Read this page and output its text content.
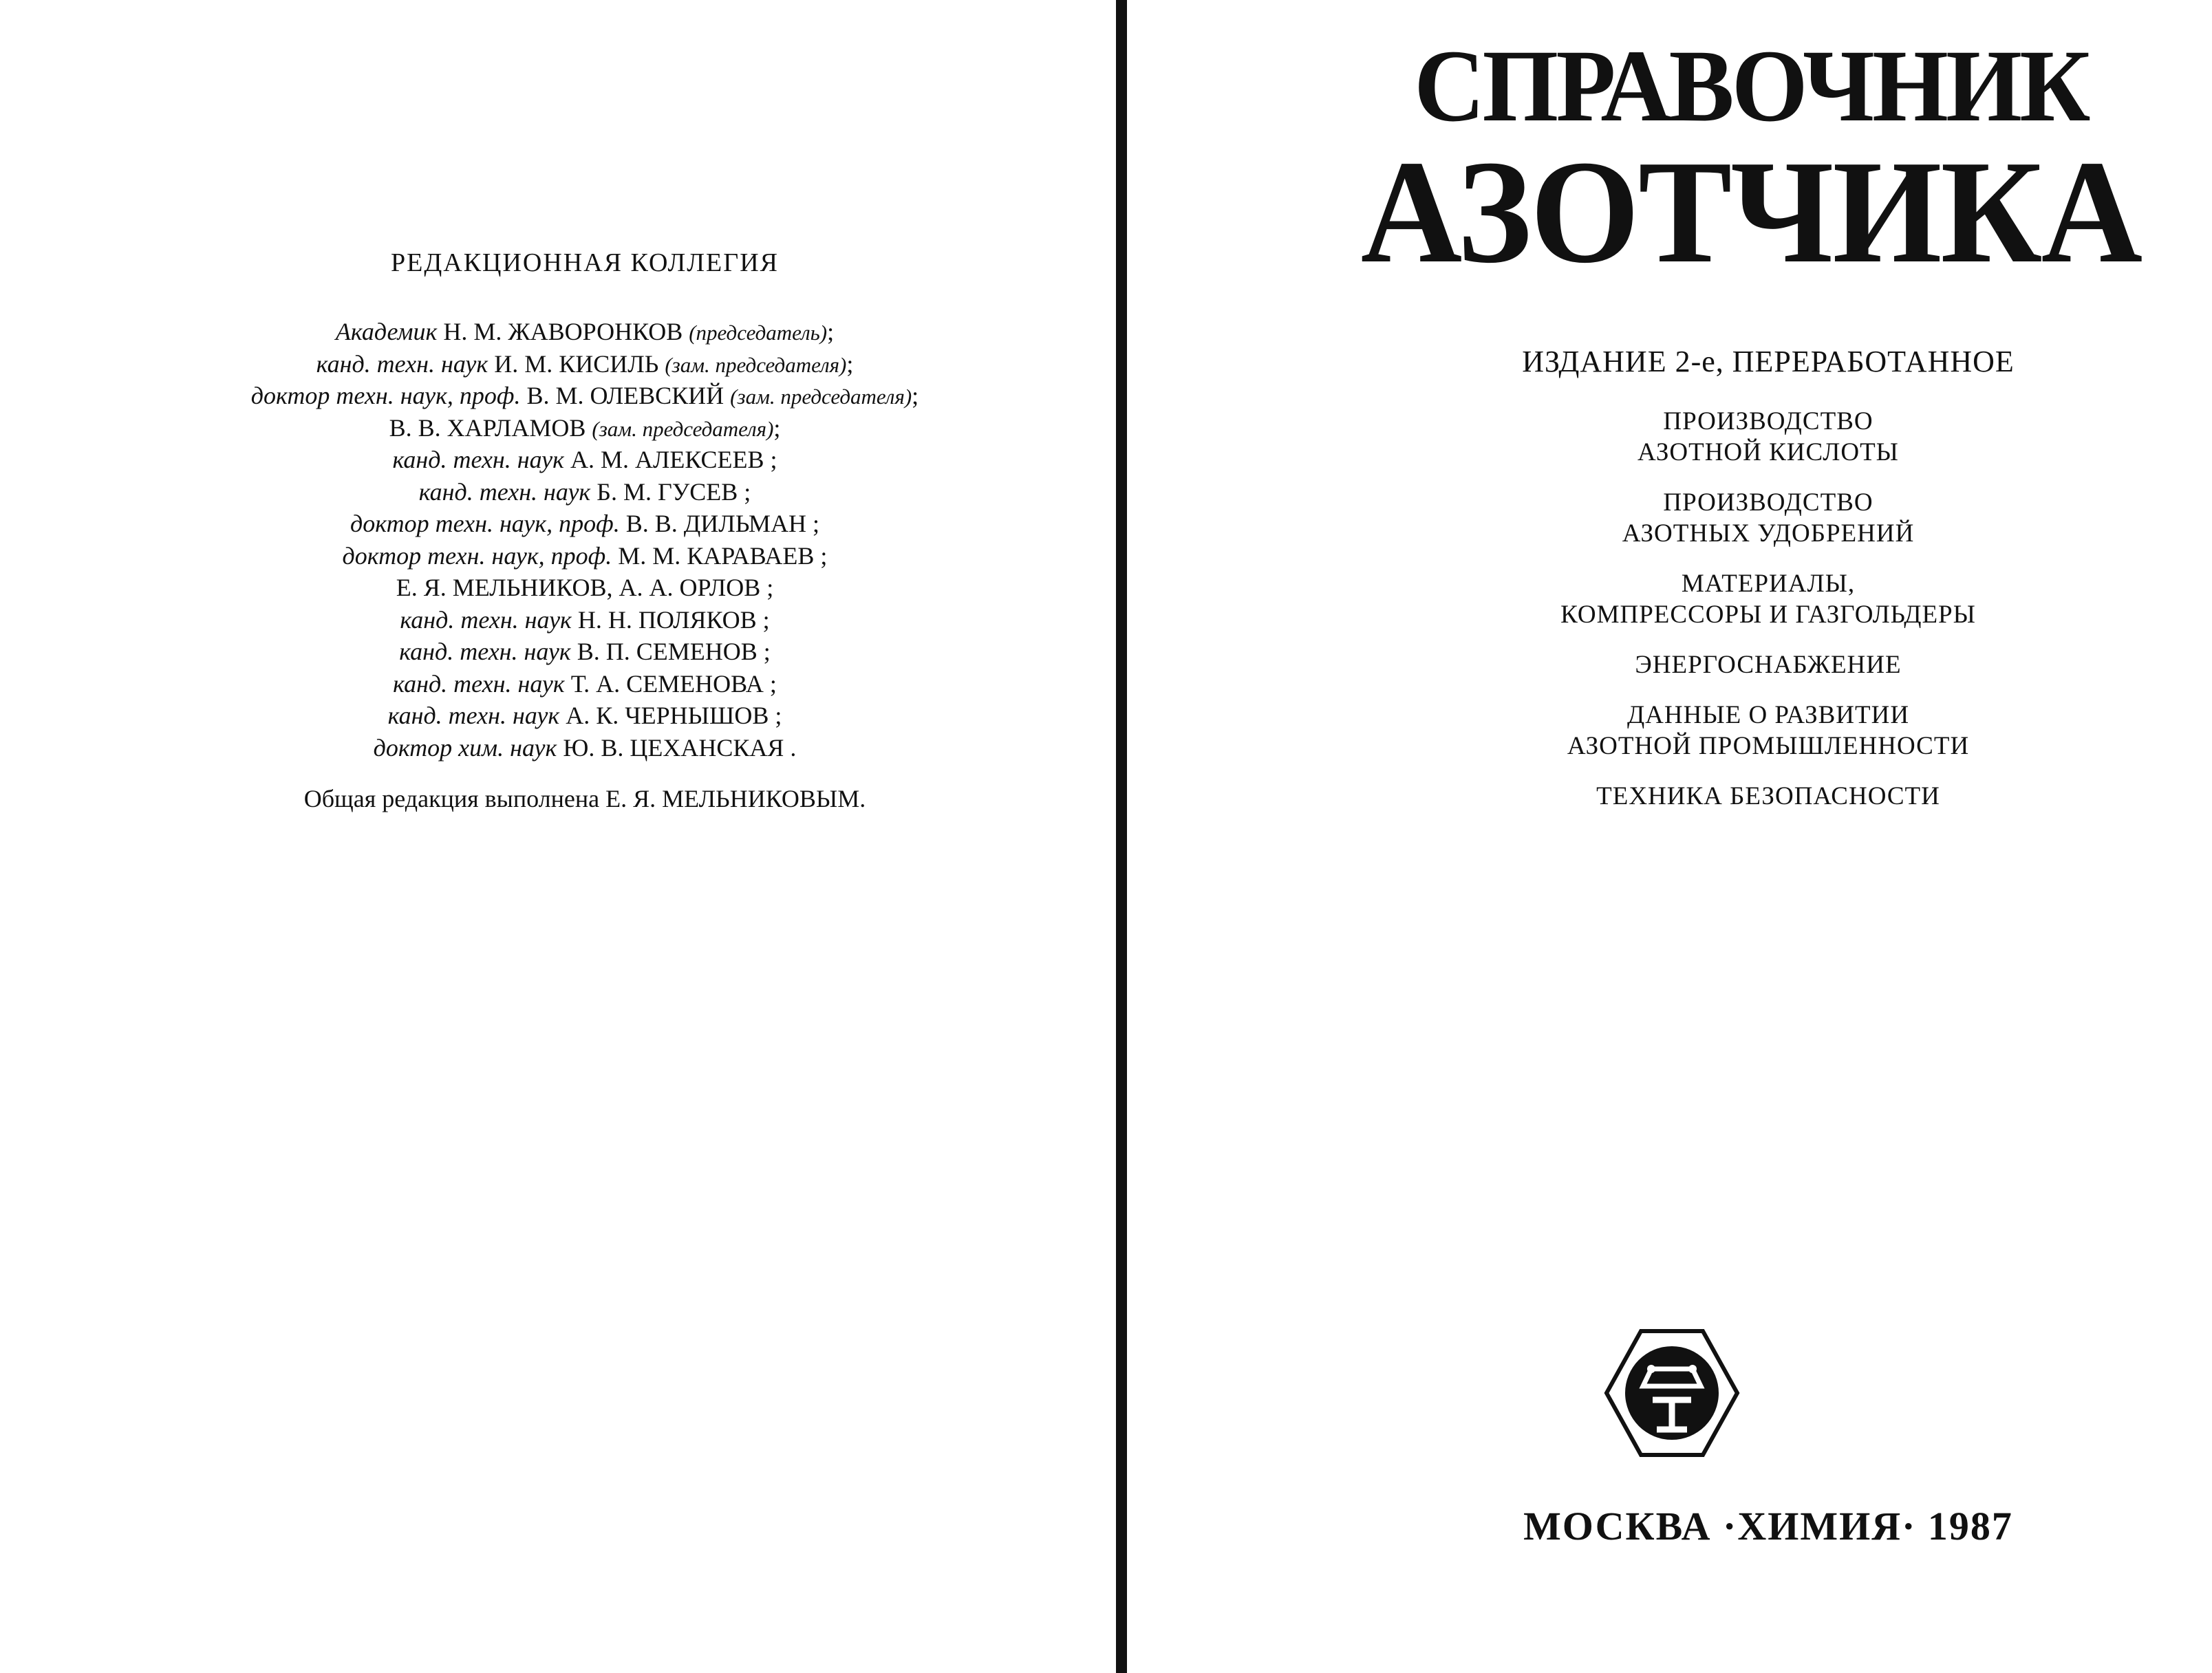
РЕДАКЦИОННАЯ КОЛЛЕГИЯ
Академик Н. М. ЖАВОРОНКОВ (председатель);
канд. техн. наук И. М. КИСИЛЬ (зам. председателя);
доктор техн. наук, проф. В. М. ОЛЕВСКИЙ (зам. председателя);
В. В. ХАРЛАМОВ (зам. председателя);
канд. техн. наук А. М. АЛЕКСЕЕВ ;
канд. техн. наук Б. М. ГУСЕВ ;
доктор техн. наук, проф. В. В. ДИЛЬМАН ;
доктор техн. наук, проф. М. М. КАРАВАЕВ ;
Е. Я. МЕЛЬНИКОВ, А. А. ОРЛОВ ;
канд. техн. наук Н. Н. ПОЛЯКОВ ;
канд. техн. наук В. П. СЕМЕНОВ ;
канд. техн. наук Т. А. СЕМЕНОВА ;
канд. техн. наук А. К. ЧЕРНЫШОВ ;
доктор хим. наук Ю. В. ЦЕХАНСКАЯ .
Общая редакция выполнена Е. Я. МЕЛЬНИКОВЫМ.
СПРАВОЧНИК
АЗОТЧИКА
ИЗДАНИЕ 2-е, ПЕРЕРАБОТАННОЕ
ПРОИЗВОДСТВО
АЗОТНОЙ КИСЛОТЫ
ПРОИЗВОДСТВО
АЗОТНЫХ УДОБРЕНИЙ
МАТЕРИАЛЫ,
КОМПРЕССОРЫ И ГАЗГОЛЬДЕРЫ
ЭНЕРГОСНАБЖЕНИЕ
ДАННЫЕ О РАЗВИТИИ
АЗОТНОЙ ПРОМЫШЛЕННОСТИ
ТЕХНИКА БЕЗОПАСНОСТИ
МОСКВА ·ХИМИЯ· 1987
